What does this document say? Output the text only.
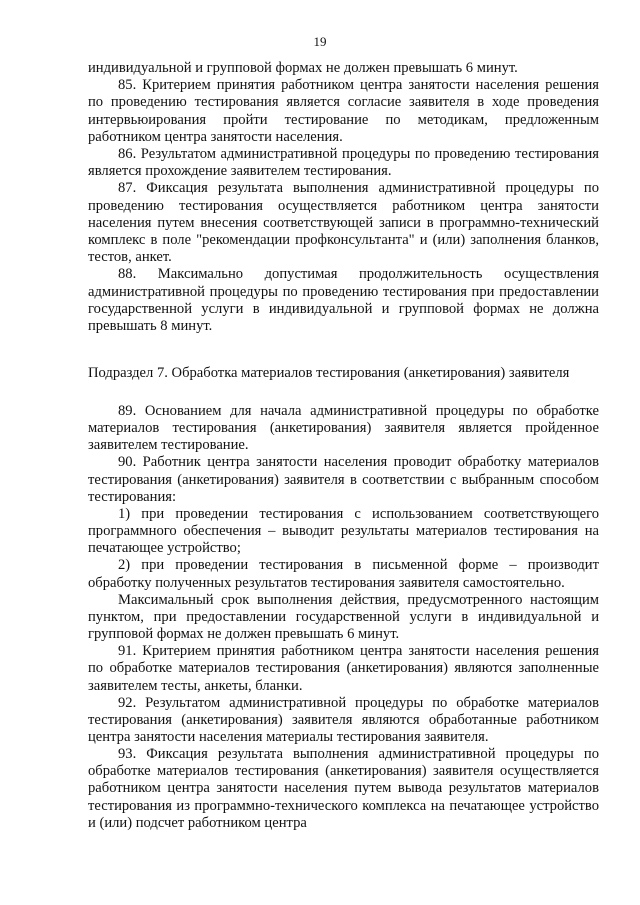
19

индивидуальной и групповой формах не должен превышать 6 минут.

85. Критерием принятия работником центра занятости населения решения по проведению тестирования является согласие заявителя в ходе проведения интервьюирования пройти тестирование по методикам, предложенным работником центра занятости населения.

86. Результатом административной процедуры по проведению тестирования является прохождение заявителем тестирования.

87. Фиксация результата выполнения административной процедуры по проведению тестирования осуществляется работником центра занятости населения путем внесения соответствующей записи в программно-технический комплекс в поле "рекомендации профконсультанта" и (или) заполнения бланков, тестов, анкет.

88. Максимально допустимая продолжительность осуществления административной процедуры по проведению тестирования при предоставлении государственной услуги в индивидуальной и групповой формах не должна превышать 8 минут.

Подраздел 7. Обработка материалов тестирования (анкетирования) заявителя

89. Основанием для начала административной процедуры по обработке материалов тестирования (анкетирования) заявителя является пройденное заявителем тестирование.

90. Работник центра занятости населения проводит обработку материалов тестирования (анкетирования) заявителя в соответствии с выбранным способом тестирования:

1) при проведении тестирования с использованием соответствующего программного обеспечения – выводит результаты материалов тестирования на печатающее устройство;

2) при проведении тестирования в письменной форме – производит обработку полученных результатов тестирования заявителя самостоятельно.

Максимальный срок выполнения действия, предусмотренного настоящим пунктом, при предоставлении государственной услуги в индивидуальной и групповой формах не должен превышать 6 минут.

91. Критерием принятия работником центра занятости населения решения по обработке материалов тестирования (анкетирования) являются заполненные заявителем тесты, анкеты, бланки.

92. Результатом административной процедуры по обработке материалов тестирования (анкетирования) заявителя являются обработанные работником центра занятости населения материалы тестирования заявителя.

93. Фиксация результата выполнения административной процедуры по обработке материалов тестирования (анкетирования) заявителя осуществляется работником центра занятости населения путем вывода результатов материалов тестирования из программно-технического комплекса на печатающее устройство и (или) подсчет работником центра
